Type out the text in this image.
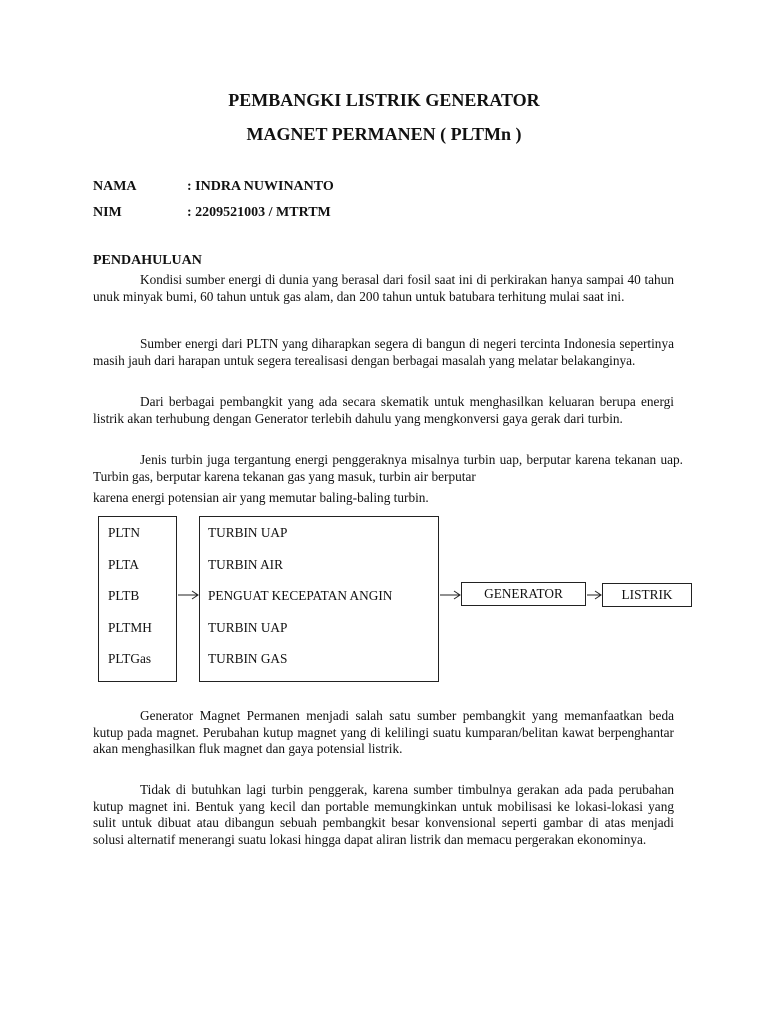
PEMBANGKI LISTRIK GENERATOR
MAGNET PERMANEN ( PLTMn )
NAMA	: INDRA NUWINANTO
NIM	: 2209521003 / MTRTM
PENDAHULUAN

Kondisi sumber energi di dunia yang berasal dari fosil saat ini di perkirakan hanya sampai 40 tahun unuk minyak bumi, 60 tahun untuk gas alam, dan 200 tahun untuk batubara terhitung mulai saat ini.

Sumber energi dari PLTN yang diharapkan segera di bangun di negeri tercinta Indonesia sepertinya masih jauh dari harapan untuk segera terealisasi dengan berbagai masalah yang melatar belakanginya.

Dari berbagai pembangkit yang ada secara skematik untuk menghasilkan keluaran berupa energi listrik akan terhubung dengan Generator terlebih dahulu yang mengkonversi gaya gerak dari turbin.

Jenis turbin juga tergantung energi penggeraknya misalnya turbin uap, berputar karena tekanan uap. Turbin gas, berputar karena tekanan gas yang masuk, turbin air berputar

karena energi potensian air yang memutar baling-baling turbin.

PLTN
PLTA
PLTB
PLTMH
PLTGas
TURBIN UAP
TURBIN AIR
PENGUAT KECEPATAN ANGIN
TURBIN UAP
TURBIN GAS
GENERATOR	LISTRIK

Generator Magnet Permanen menjadi salah satu sumber pembangkit yang memanfaatkan beda kutup pada magnet. Perubahan kutup magnet yang di kelilingi suatu kumparan/belitan kawat berpenghantar akan menghasilkan fluk magnet dan gaya potensial listrik.

Tidak di butuhkan lagi turbin penggerak, karena sumber timbulnya gerakan ada pada perubahan kutup magnet ini. Bentuk yang kecil dan portable memungkinkan untuk mobilisasi ke lokasi-lokasi yang sulit untuk dibuat atau dibangun sebuah pembangkit besar konvensional seperti gambar di atas menjadi solusi alternatif menerangi suatu lokasi hingga dapat aliran listrik dan memacu pergerakan ekonominya.
